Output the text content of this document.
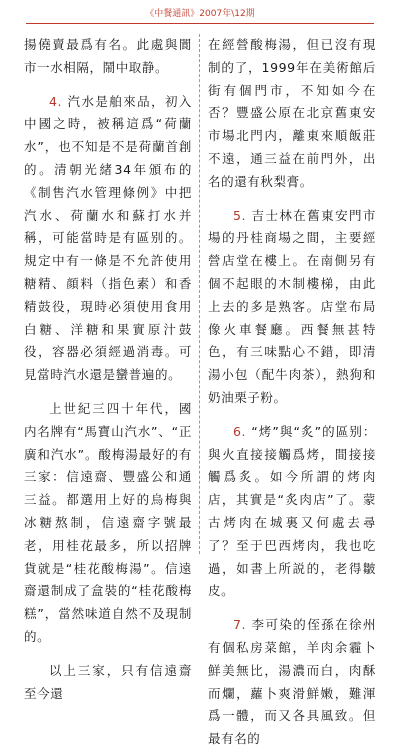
《中餐通訊》2007年\12期

揚僥賣最爲有名。此處與閬市一水相隔，鬧中取静。

4. 汽水是舶來品，初入中國之時，被稱這爲“荷蘭水”，也不知是不是荷蘭首創的。清朝光緒34年頒布的《制售汽水管理條例》中把汽水、荷蘭水和蘇打水并稱，可能當時是有區别的。規定中有一條是不允許使用糖精、顔料（指色素）和香精鼓役，現時必須使用食用白糖、洋糖和果實原汁鼓役，容器必須經過消毒。可見當時汽水還是蠻普遍的。

上世紀三四十年代，國内名牌有“馬寶山汽水”、“正廣和汽水”。酸梅湯最好的有三家：信遠齋、豐盛公和通三益。都選用上好的烏梅與冰糖熬制，信遠齋字號最老，用桂花最多，所以招牌貨就是“桂花酸梅湯”。信遠齋還制成了盒裝的“桂花酸梅糕”，當然味道自然不及現制的。

以上三家，只有信遠齋至今還

在經營酸梅湯，但已沒有現制的了，1999年在美術館后街有個門市，不知如今在否？豐盛公原在北京舊東安市場北門内，離東來順飯莊不遠，通三益在前門外，出名的還有秋梨膏。

5. 吉士林在舊東安門市場的丹桂商場之間，主要經營店堂在樓上。在南側另有個不起眼的木制樓梯，由此上去的多是熟客。店堂布局像火車餐廳。西餐無甚特色，有三味點心不錯，即清湯小包（配牛肉茶），熱狗和奶油栗子粉。

6. “烤”與“炙”的區别：與火直接接觸爲烤，間接接觸爲炙。如今所謂的烤肉店，其實是“炙肉店”了。蒙古烤肉在城裏又何處去尋了？至于巴西烤肉，我也吃過，如書上所説的，老得皺皮。

7. 李可染的侄孫在徐州有個私房菜館，羊肉余霾卜鮮美無比，湯濃而白，肉酥而爛，蘿卜爽滑鮮嫩，難渾爲一體，而又各具風致。但最有名的
